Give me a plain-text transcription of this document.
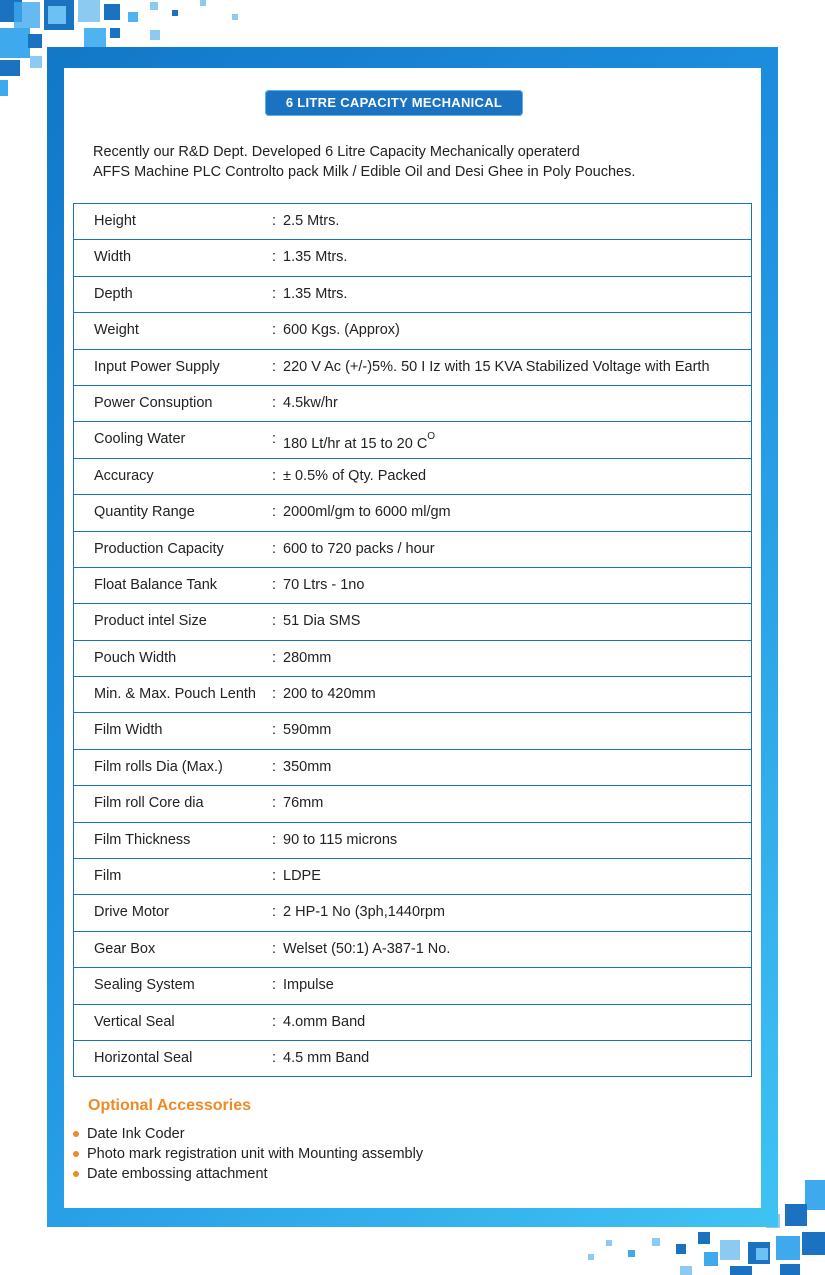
6 LITRE CAPACITY MECHANICAL

Recently our R&D Dept. Developed 6 Litre Capacity Mechanically operaterd

AFFS Machine PLC Controlto pack Milk / Edible Oil and Desi Ghee in Poly Pouches.

Height	: 2.5 Mtrs.

Width	: 1.35 Mtrs.

Depth	: 1.35 Mtrs.

Weight	: 600 Kgs. (Approx)

Input Power Supply	: 220 V Ac (+/-)5%. 50 I Iz with 15 KVA Stabilized Voltage with Earth

Power Consuption	: 4.5kw/hr

Cooling Water	: 180 Lt/hr at 15 to 20 $C^O$

Accuracy	: ± 0.5% of Qty. Packed

Quantity Range	: 2000ml/gm to 6000 ml/gm

Production Capacity	: 600 to 720 packs / hour

Float Balance Tank	: 70 Ltrs - 1no

Product intel Size	: 51 Dia SMS

Pouch Width	: 280mm

Min. & Max. Pouch Lenth : 200 to 420mm

Film Width	: 590mm

Film rolls Dia (Max.)	: 350mm

Film roll Core dia	: 76mm

Film Thickness	: 90 to 115 microns

Film	: LDPE

Drive Motor	: 2 HP-1 No (3ph,1440rpm

Gear Box	: Welset (50:1) A-387-1 No.

Sealing System	: Impulse

Vertical Seal	: 4.omm Band

Horizontal Seal	: 4.5 mm Band
Optional Accessories
Date Ink Coder
Photo mark registration unit with Mounting assembly
Date embossing attachment
